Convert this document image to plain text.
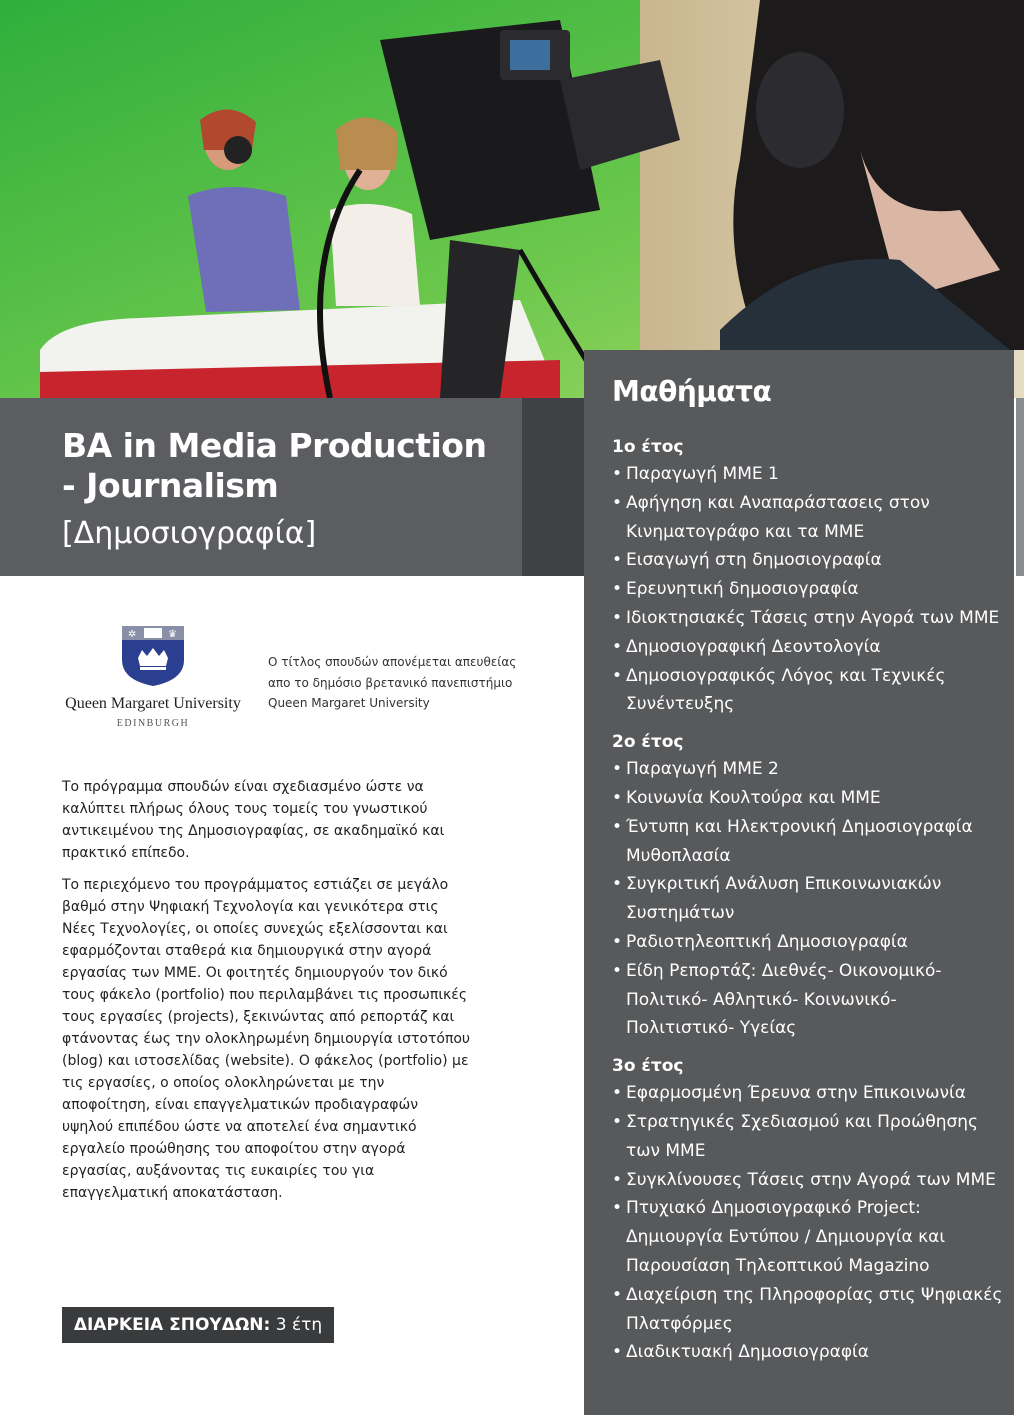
BA in Media Production - Journalism

[Δημοσιογραφία]

Μαθήματα

1ο έτος

• Παραγωγή ΜΜΕ 1
• Αφήγηση και Αναπαράστασεις στον Κινηματογράφο και τα ΜΜΕ
• Εισαγωγή στη δημοσιογραφία
• Ερευνητική δημοσιογραφία
• Ιδιοκτησιακές Τάσεις στην Αγορά των ΜΜΕ
• Δημοσιογραφική Δεοντολογία
• Δημοσιογραφικός Λόγος και Τεχνικές Συνέντευξης

2ο έτος

• Παραγωγή ΜΜΕ 2
• Κοινωνία Κουλτούρα και ΜΜΕ
• Έντυπη και Ηλεκτρονική Δημοσιογραφία Μυθοπλασία
• Συγκριτική Ανάλυση Επικοινωνιακών Συστημάτων
• Ραδιοτηλεοπτική Δημοσιογραφία
• Είδη Ρεπορτάζ: Διεθνές- Οικονομικό- Πολιτικό- Αθλητικό- Κοινωνικό- Πολιτιστικό- Υγείας

3ο έτος

• Εφαρμοσμένη Έρευνα στην Επικοινωνία
• Στρατηγικές Σχεδιασμού και Προώθησης των ΜΜΕ
• Συγκλίνουσες Τάσεις στην Αγορά των ΜΜΕ
• Πτυχιακό Δημοσιογραφικό Project: Δημιουργία Εντύπου / Δημιουργία και Παρουσίαση Τηλεοπτικού Magazino
• Διαχείριση της Πληροφορίας στις Ψηφιακές Πλατφόρμες
• Διαδικτυακή Δημοσιογραφία
✲	♛
Queen Margaret University
EDINBURGH
Ο τίτλος σπουδών απονέμεται απευθείας απο το δημόσιο βρετανικό πανεπιστήμιο Queen Margaret University

Το πρόγραμμα σπουδών είναι σχεδιασμένο ώστε να καλύπτει πλήρως όλους τους τομείς του γνωστικού αντικειμένου της Δημοσιογραφίας, σε ακαδημαϊκό και πρακτικό επίπεδο.

Το περιεχόμενο του προγράμματος εστιάζει σε μεγάλο βαθμό στην Ψηφιακή Τεχνολογία και γενικότερα στις Νέες Τεχνολογίες, οι οποίες συνεχώς εξελίσσονται και εφαρμόζονται σταθερά κια δημιουργικά στην αγορά εργασίας των ΜΜΕ. Οι φοιτητές δημιουργούν τον δικό τους φάκελο (portfolio) που περιλαμβάνει τις προσωπικές τους εργασίες (projects), ξεκινώντας από ρεπορτάζ και φτάνοντας έως την ολοκληρωμένη δημιουργία ιστοτόπου (blog) και ιστοσελίδας (website). Ο φάκελος (portfolio) με τις εργασίες, ο οποίος ολοκληρώνεται με την αποφοίτηση, είναι επαγγελματικών προδιαγραφών υψηλού επιπέδου ώστε να αποτελεί ένα σημαντικό εργαλείο προώθησης του αποφοίτου στην αγορά εργασίας, αυξάνοντας τις ευκαιρίες του για επαγγελματική αποκατάσταση.

ΔΙΑΡΚΕΙΑ ΣΠΟΥΔΩΝ: 3 έτη
